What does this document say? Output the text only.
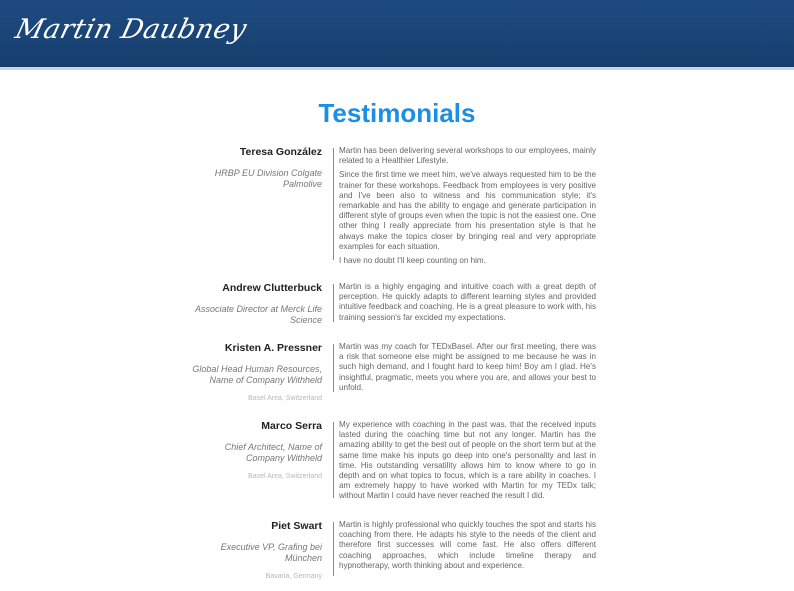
Martin Daubney
Testimonials
Teresa González
HRBP EU Division Colgate Palmolive

Martin has been delivering several workshops to our employees, mainly related to a Healthier Lifestyle.

Since the first time we meet him, we've always requested him to be the trainer for these workshops. Feedback from employees is very positive and I've been also to witness and his communication style; it's remarkable and has the ability to engage and generate participation in different style of groups even when the topic is not the easiest one. One other thing I really appreciate from his presentation style is that he always make the topics closer by bringing real and very appropriate examples for each situation.

I have no doubt I'll keep counting on him.

Andrew Clutterbuck
Associate Director at Merck Life Science

Martin is a highly engaging and intuitive coach with a great depth of perception. He quickly adapts to different learning styles and provided intuitive feedback and coaching. He is a great pleasure to work with, his training session's far excided my expectations.

Kristen A. Pressner
Global Head Human Resources, Name of Company Withheld
Basel Area, Switzerland

Martin was my coach for TEDxBasel. After our first meeting, there was a risk that someone else might be assigned to me because he was in such high demand, and I fought hard to keep him! Boy am I glad. He's insightful, pragmatic, meets you where you are, and allows your best to unfold.

Marco Serra
Chief Architect, Name of Company Withheld
Basel Area, Switzerland

My experience with coaching in the past was, that the received inputs lasted during the coaching time but not any longer. Martin has the amazing ability to get the best out of people on the short term but at the same time make his inputs go deep into one's personality and last in time. His outstanding versatility allows him to know where to go in depth and on what topics to focus, which is a rare ability in coaches. I am extremely happy to have worked with Martin for my TEDx talk; without Martin I could have never reached the result I did.

Piet Swart
Executive VP, Grafing bei München
Bavaria, Germany

Martin is highly professional who quickly touches the spot and starts his coaching from there. He adapts his style to the needs of the client and therefore first successes will come fast. He also offers different coaching approaches, which include timeline therapy and hypnotherapy, worth thinking about and experience.
